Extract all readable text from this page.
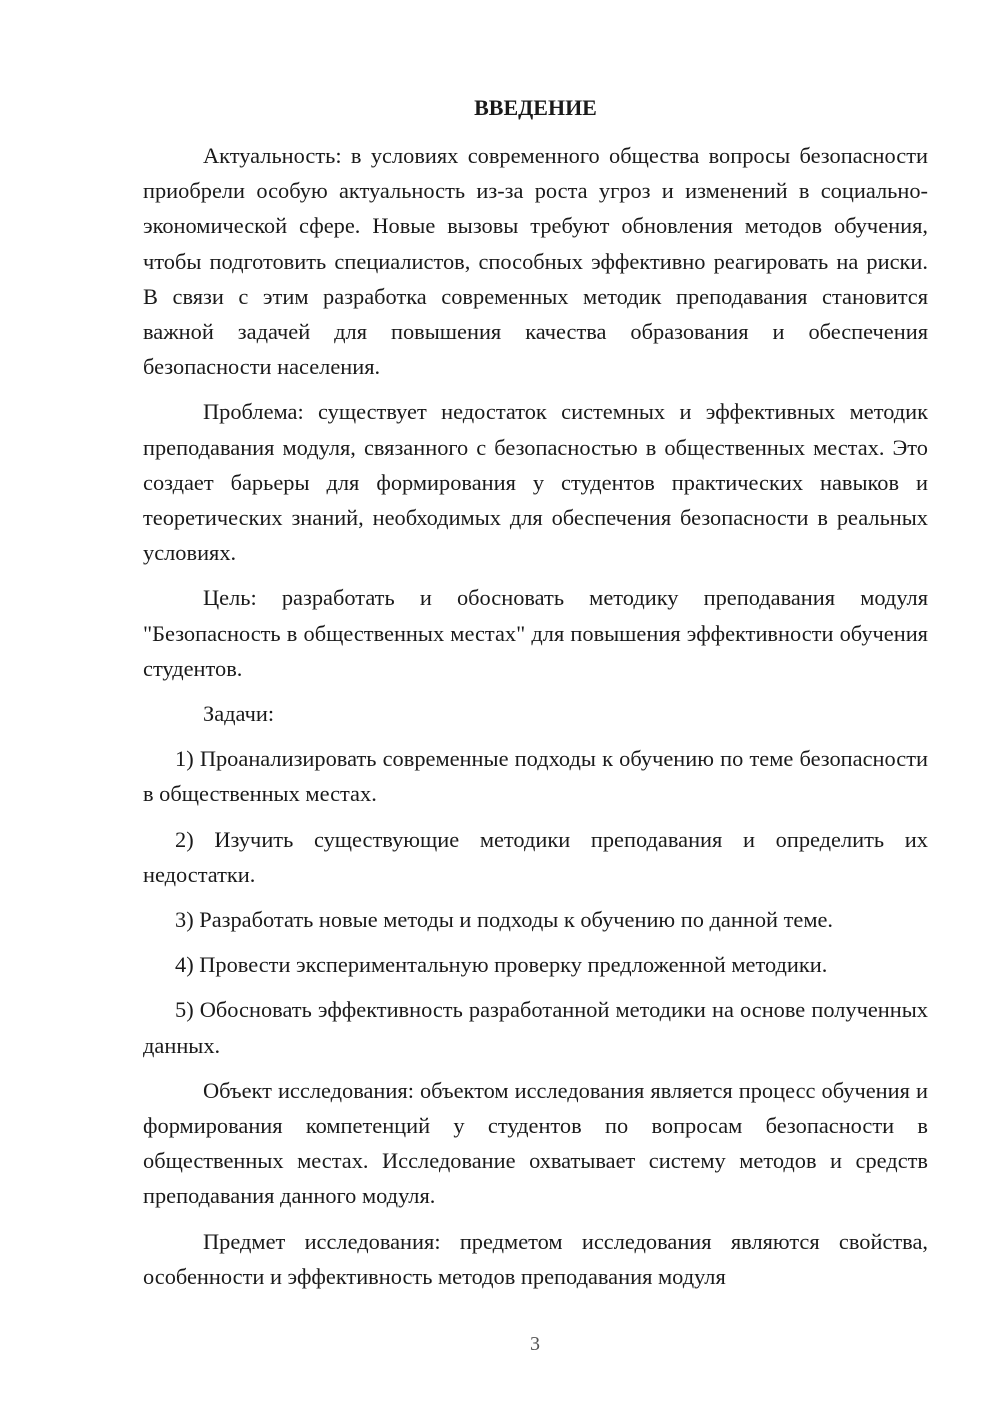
ВВЕДЕНИЕ

Актуальность: в условиях современного общества вопросы безопасности приобрели особую актуальность из-за роста угроз и изменений в социально-экономической сфере. Новые вызовы требуют обновления методов обучения, чтобы подготовить специалистов, способных эффективно реагировать на риски. В связи с этим разработка современных методик преподавания становится важной задачей для повышения качества образования и обеспечения безопасности населения.

Проблема: существует недостаток системных и эффективных методик преподавания модуля, связанного с безопасностью в общественных местах. Это создает барьеры для формирования у студентов практических навыков и теоретических знаний, необходимых для обеспечения безопасности в реальных условиях.

Цель: разработать и обосновать методику преподавания модуля "Безопасность в общественных местах" для повышения эффективности обучения студентов.

Задачи:

1) Проанализировать современные подходы к обучению по теме безопасности в общественных местах.

2) Изучить существующие методики преподавания и определить их недостатки.

3) Разработать новые методы и подходы к обучению по данной теме.

4) Провести экспериментальную проверку предложенной методики.

5) Обосновать эффективность разработанной методики на основе полученных данных.

Объект исследования: объектом исследования является процесс обучения и формирования компетенций у студентов по вопросам безопасности в общественных местах. Исследование охватывает систему методов и средств преподавания данного модуля.

Предмет исследования: предметом исследования являются свойства, особенности и эффективность методов преподавания модуля

3
